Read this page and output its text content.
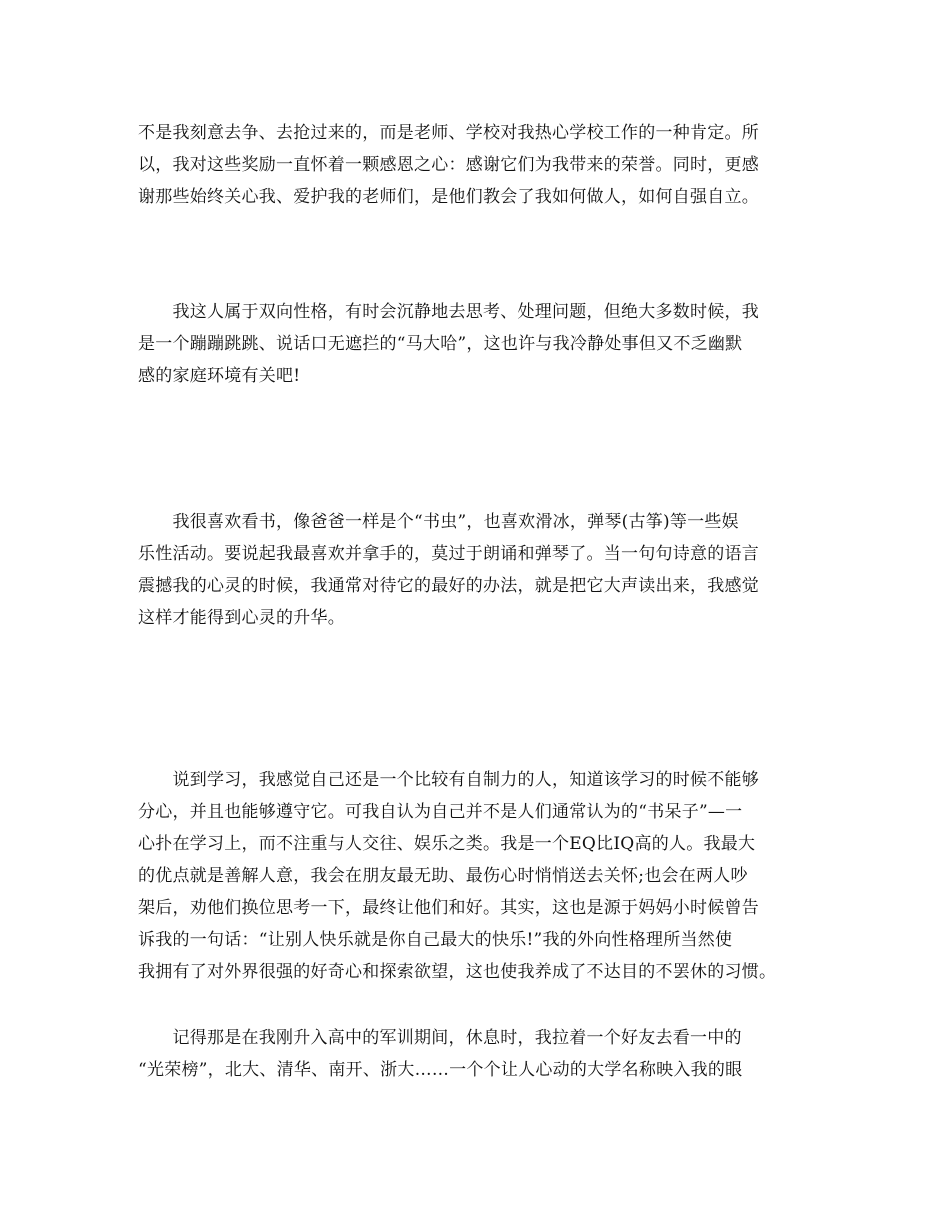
不是我刻意去争、去抢过来的，而是老师、学校对我热心学校工作的一种肯定。所
以，我对这些奖励一直怀着一颗感恩之心：感谢它们为我带来的荣誉。同时，更感
谢那些始终关心我、爱护我的老师们，是他们教会了我如何做人，如何自强自立。

　　我这人属于双向性格，有时会沉静地去思考、处理问题，但绝大多数时候，我
是一个蹦蹦跳跳、说话口无遮拦的“马大哈”，这也许与我冷静处事但又不乏幽默
感的家庭环境有关吧!

　　我很喜欢看书，像爸爸一样是个“书虫”，也喜欢滑冰，弹琴(古筝)等一些娱
乐性活动。要说起我最喜欢并拿手的，莫过于朗诵和弹琴了。当一句句诗意的语言
震撼我的心灵的时候，我通常对待它的最好的办法，就是把它大声读出来，我感觉
这样才能得到心灵的升华。

　　说到学习，我感觉自己还是一个比较有自制力的人，知道该学习的时候不能够
分心，并且也能够遵守它。可我自认为自己并不是人们通常认为的“书呆子”—一
心扑在学习上，而不注重与人交往、娱乐之类。我是一个EQ比IQ高的人。我最大
的优点就是善解人意，我会在朋友最无助、最伤心时悄悄送去关怀;也会在两人吵
架后，劝他们换位思考一下，最终让他们和好。其实，这也是源于妈妈小时候曾告
诉我的一句话：“让别人快乐就是你自己最大的快乐!”我的外向性格理所当然使
我拥有了对外界很强的好奇心和探索欲望，这也使我养成了不达目的不罢休的习惯。

　　记得那是在我刚升入高中的军训期间，休息时，我拉着一个好友去看一中的
“光荣榜”，北大、清华、南开、浙大……一个个让人心动的大学名称映入我的眼
